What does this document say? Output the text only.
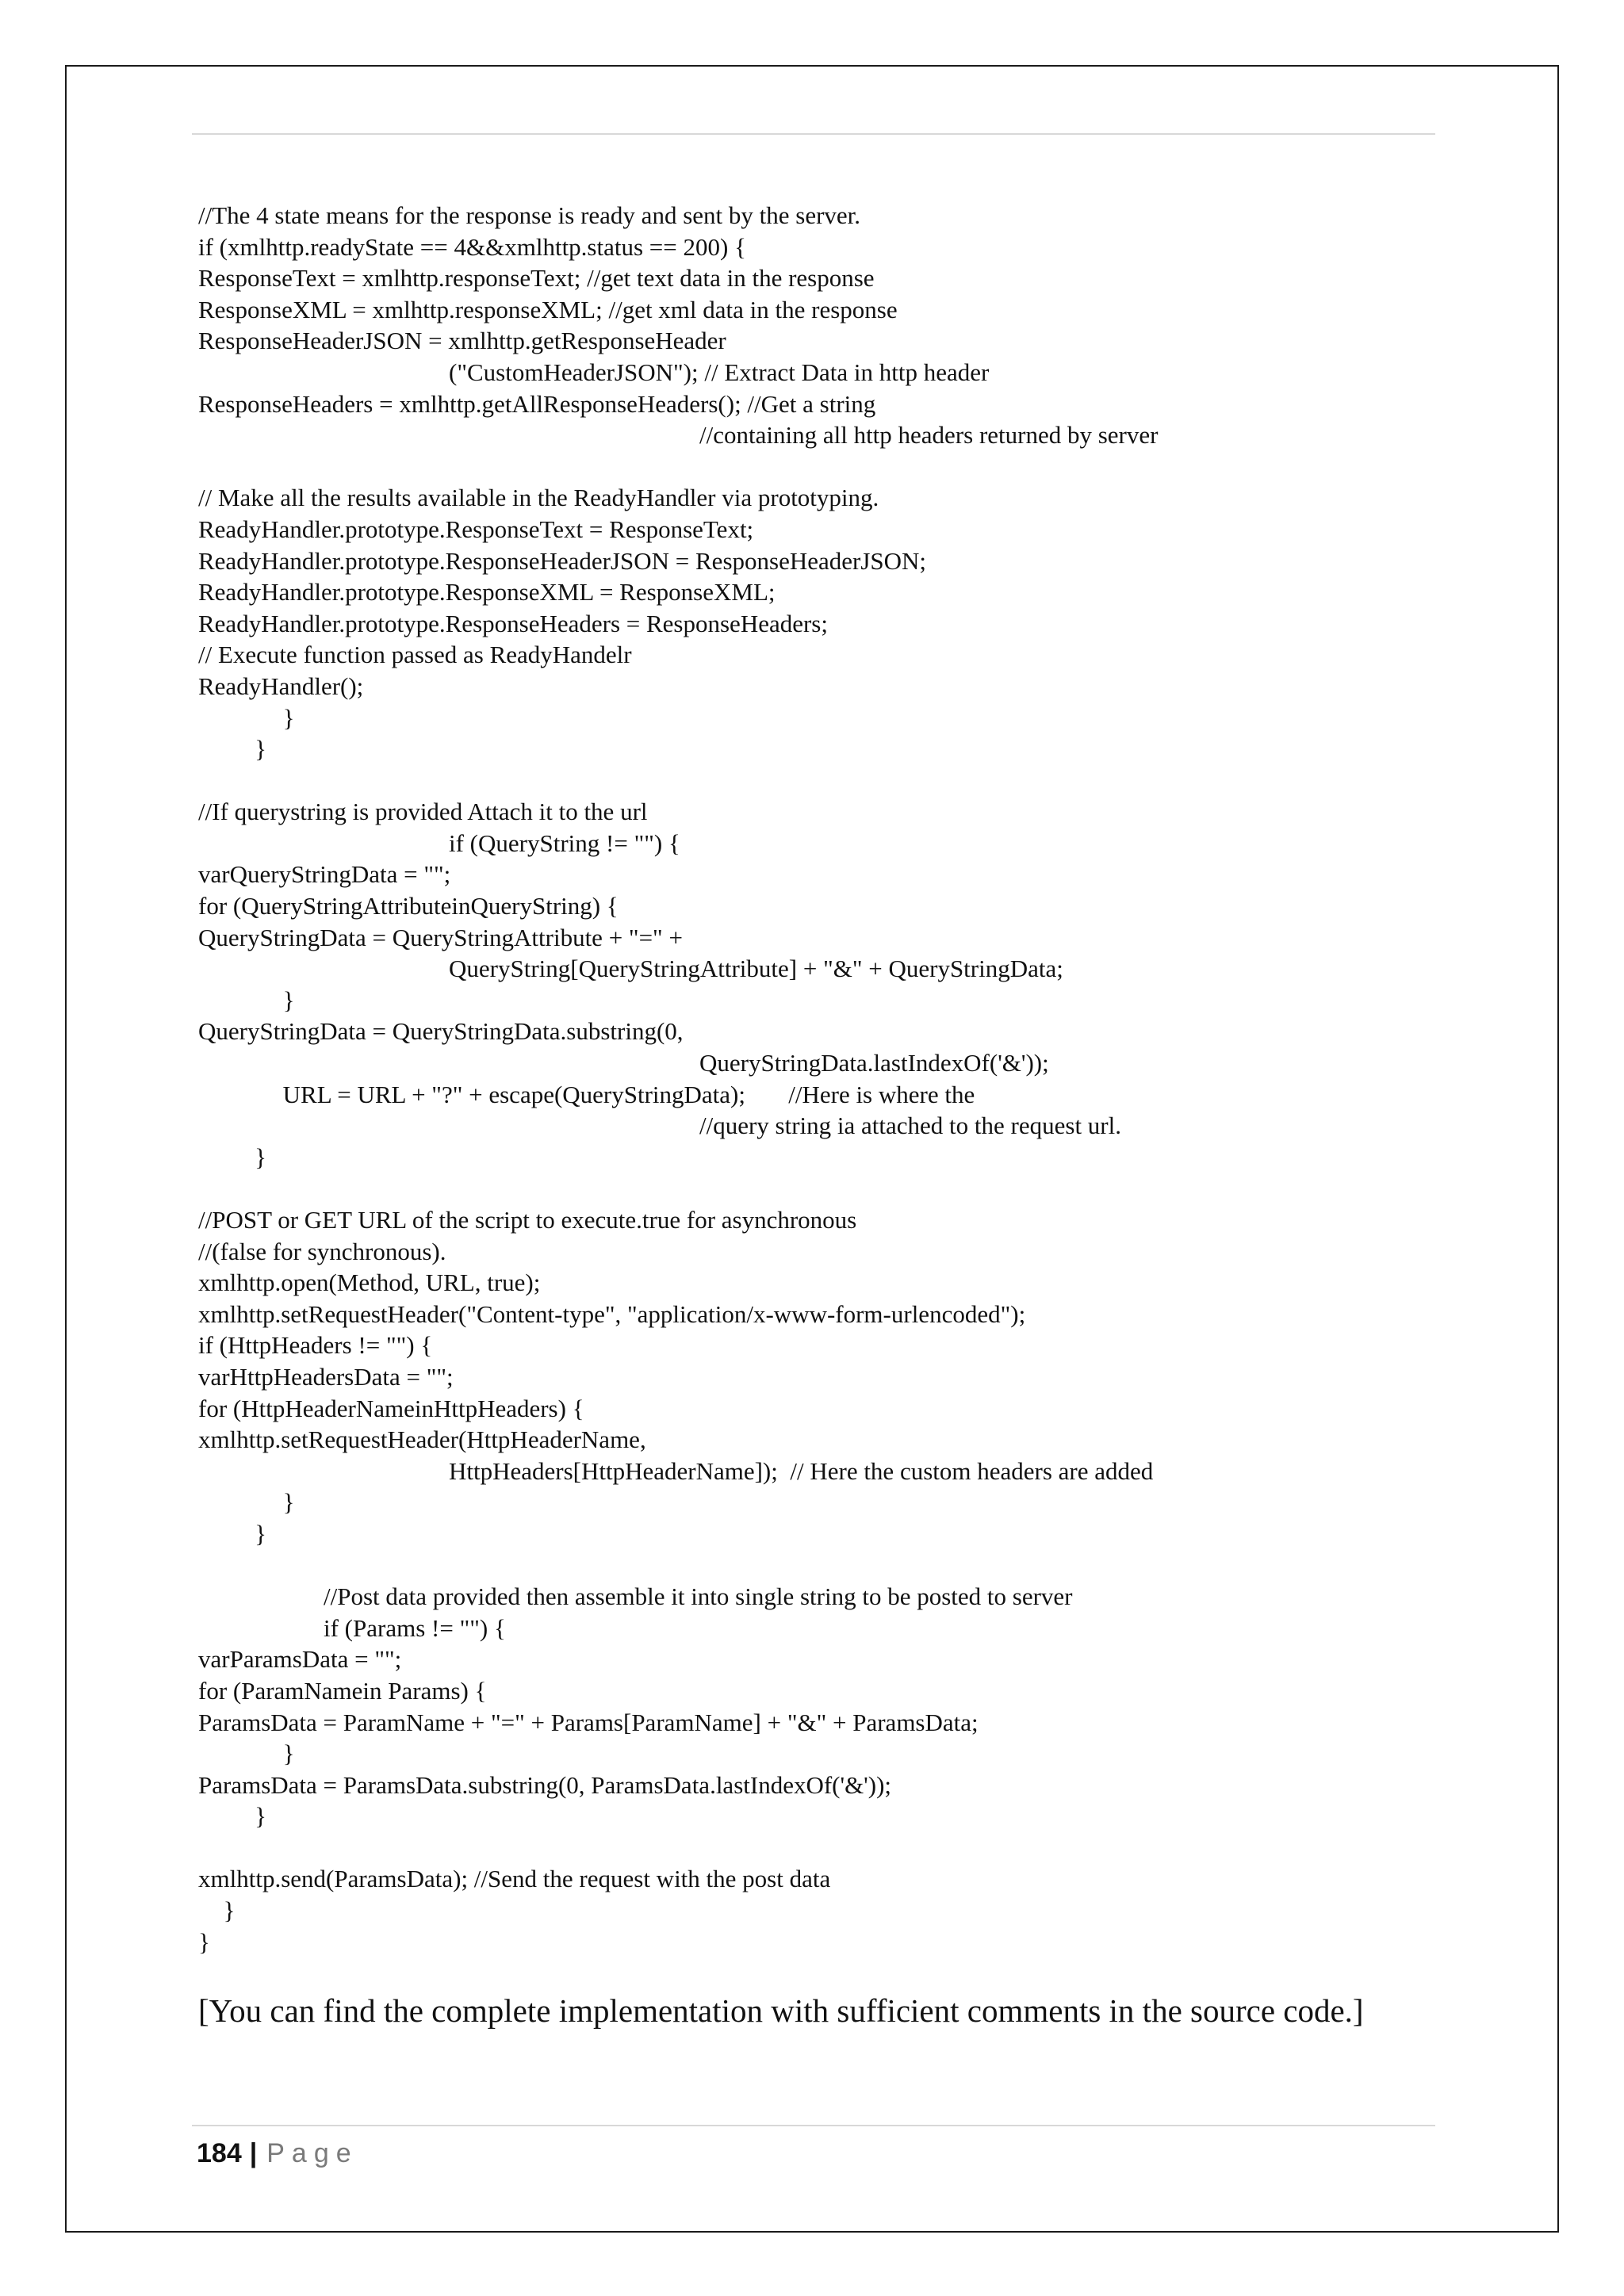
//The 4 state means for the response is ready and sent by the server.
if (xmlhttp.readyState == 4&&xmlhttp.status == 200) {
ResponseText = xmlhttp.responseText; //get text data in the response
ResponseXML = xmlhttp.responseXML; //get xml data in the response
ResponseHeaderJSON = xmlhttp.getResponseHeader
("CustomHeaderJSON"); // Extract Data in http header
ResponseHeaders = xmlhttp.getAllResponseHeaders(); //Get a string
//containing all http headers returned by server
// Make all the results available in the ReadyHandler via prototyping.
ReadyHandler.prototype.ResponseText = ResponseText;
ReadyHandler.prototype.ResponseHeaderJSON = ResponseHeaderJSON;
ReadyHandler.prototype.ResponseXML = ResponseXML;
ReadyHandler.prototype.ResponseHeaders = ResponseHeaders;
// Execute function passed as ReadyHandelr
ReadyHandler();
}
}
//If querystring is provided Attach it to the url
if (QueryString != "") {
varQueryStringData = "";
for (QueryStringAttributeinQueryString) {
QueryStringData = QueryStringAttribute + "=" +
QueryString[QueryStringAttribute] + "&" + QueryStringData;
}
QueryStringData = QueryStringData.substring(0,
QueryStringData.lastIndexOf('&'));
URL = URL + "?" + escape(QueryStringData);       //Here is where the
//query string ia attached to the request url.
}
//POST or GET URL of the script to execute.true for asynchronous
//(false for synchronous).
xmlhttp.open(Method, URL, true);
xmlhttp.setRequestHeader("Content-type", "application/x-www-form-urlencoded");
if (HttpHeaders != "") {
varHttpHeadersData = "";
for (HttpHeaderNameinHttpHeaders) {
xmlhttp.setRequestHeader(HttpHeaderName,
HttpHeaders[HttpHeaderName]);  // Here the custom headers are added
}
}
//Post data provided then assemble it into single string to be posted to server
if (Params != "") {
varParamsData = "";
for (ParamNamein Params) {
ParamsData = ParamName + "=" + Params[ParamName] + "&" + ParamsData;
}
ParamsData = ParamsData.substring(0, ParamsData.lastIndexOf('&'));
}
xmlhttp.send(ParamsData); //Send the request with the post data
}
}
[You can find the complete implementation with sufficient comments in the source code.]
184 | Page
